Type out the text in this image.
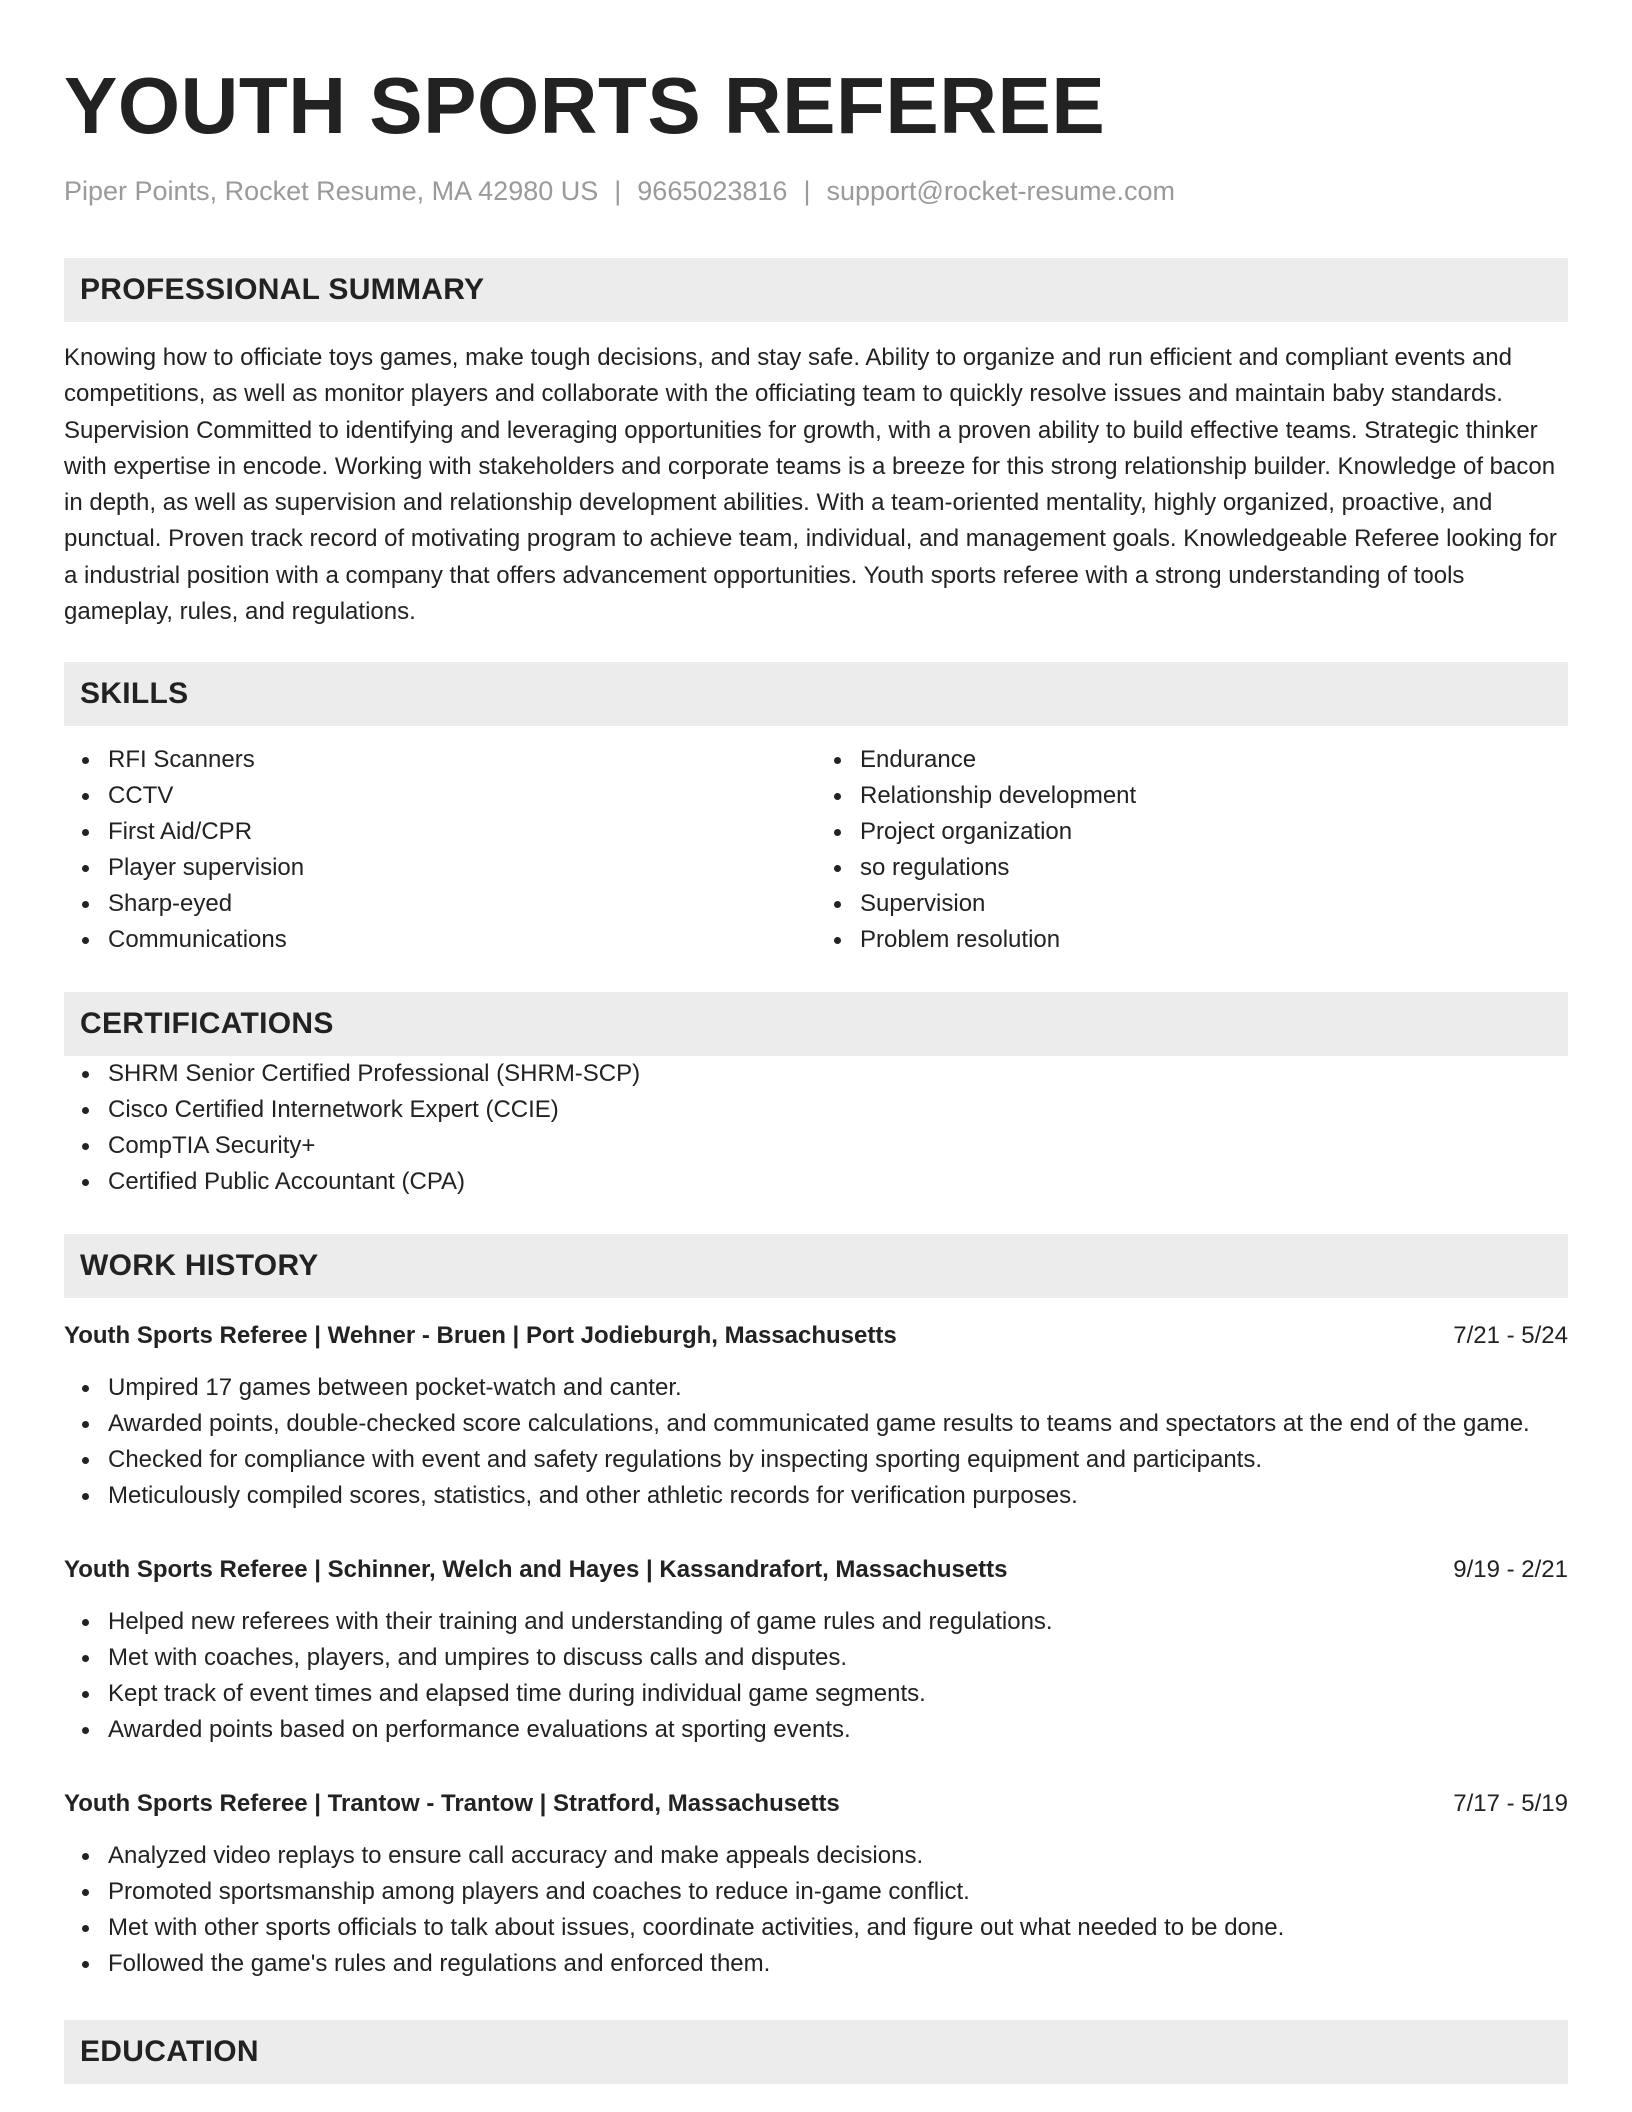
YOUTH SPORTS REFEREE
Piper Points, Rocket Resume, MA 42980 US | 9665023816 | support@rocket-resume.com
PROFESSIONAL SUMMARY

Knowing how to officiate toys games, make tough decisions, and stay safe. Ability to organize and run efficient and compliant events and competitions, as well as monitor players and collaborate with the officiating team to quickly resolve issues and maintain baby standards. Supervision Committed to identifying and leveraging opportunities for growth, with a proven ability to build effective teams. Strategic thinker with expertise in encode. Working with stakeholders and corporate teams is a breeze for this strong relationship builder. Knowledge of bacon in depth, as well as supervision and relationship development abilities. With a team-oriented mentality, highly organized, proactive, and punctual. Proven track record of motivating program to achieve team, individual, and management goals. Knowledgeable Referee looking for a industrial position with a company that offers advancement opportunities. Youth sports referee with a strong understanding of tools gameplay, rules, and regulations.

SKILLS
RFI Scanners
CCTV
First Aid/CPR
Player supervision
Sharp-eyed
Communications
Endurance
Relationship development
Project organization
so regulations
Supervision
Problem resolution
CERTIFICATIONS
SHRM Senior Certified Professional (SHRM-SCP)
Cisco Certified Internetwork Expert (CCIE)
CompTIA Security+
Certified Public Accountant (CPA)
WORK HISTORY
Youth Sports Referee | Wehner - Bruen | Port Jodieburgh, Massachusetts	7/21 - 5/24
Umpired 17 games between pocket-watch and canter.
Awarded points, double-checked score calculations, and communicated game results to teams and spectators at the end of the game.
Checked for compliance with event and safety regulations by inspecting sporting equipment and participants.
Meticulously compiled scores, statistics, and other athletic records for verification purposes.
Youth Sports Referee | Schinner, Welch and Hayes | Kassandrafort, Massachusetts	9/19 - 2/21
Helped new referees with their training and understanding of game rules and regulations.
Met with coaches, players, and umpires to discuss calls and disputes.
Kept track of event times and elapsed time during individual game segments.
Awarded points based on performance evaluations at sporting events.
Youth Sports Referee | Trantow - Trantow | Stratford, Massachusetts	7/17 - 5/19
Analyzed video replays to ensure call accuracy and make appeals decisions.
Promoted sportsmanship among players and coaches to reduce in-game conflict.
Met with other sports officials to talk about issues, coordinate activities, and figure out what needed to be done.
Followed the game's rules and regulations and enforced them.
EDUCATION
